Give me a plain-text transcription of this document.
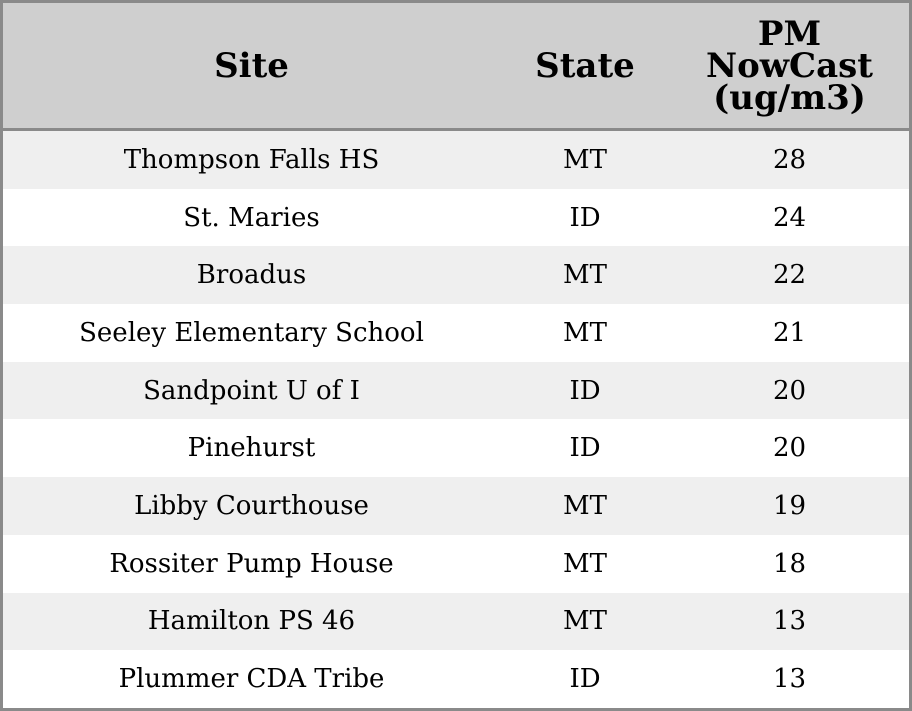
Site	State	PM
NowCast
(ug/m3)

Thompson Falls HS	MT	28
St. Maries	ID	24
Broadus	MT	22
Seeley Elementary School	MT	21
Sandpoint U of I	ID	20
Pinehurst	ID	20
Libby Courthouse	MT	19
Rossiter Pump House	MT	18
Hamilton PS 46	MT	13
Plummer CDA Tribe	ID	13
